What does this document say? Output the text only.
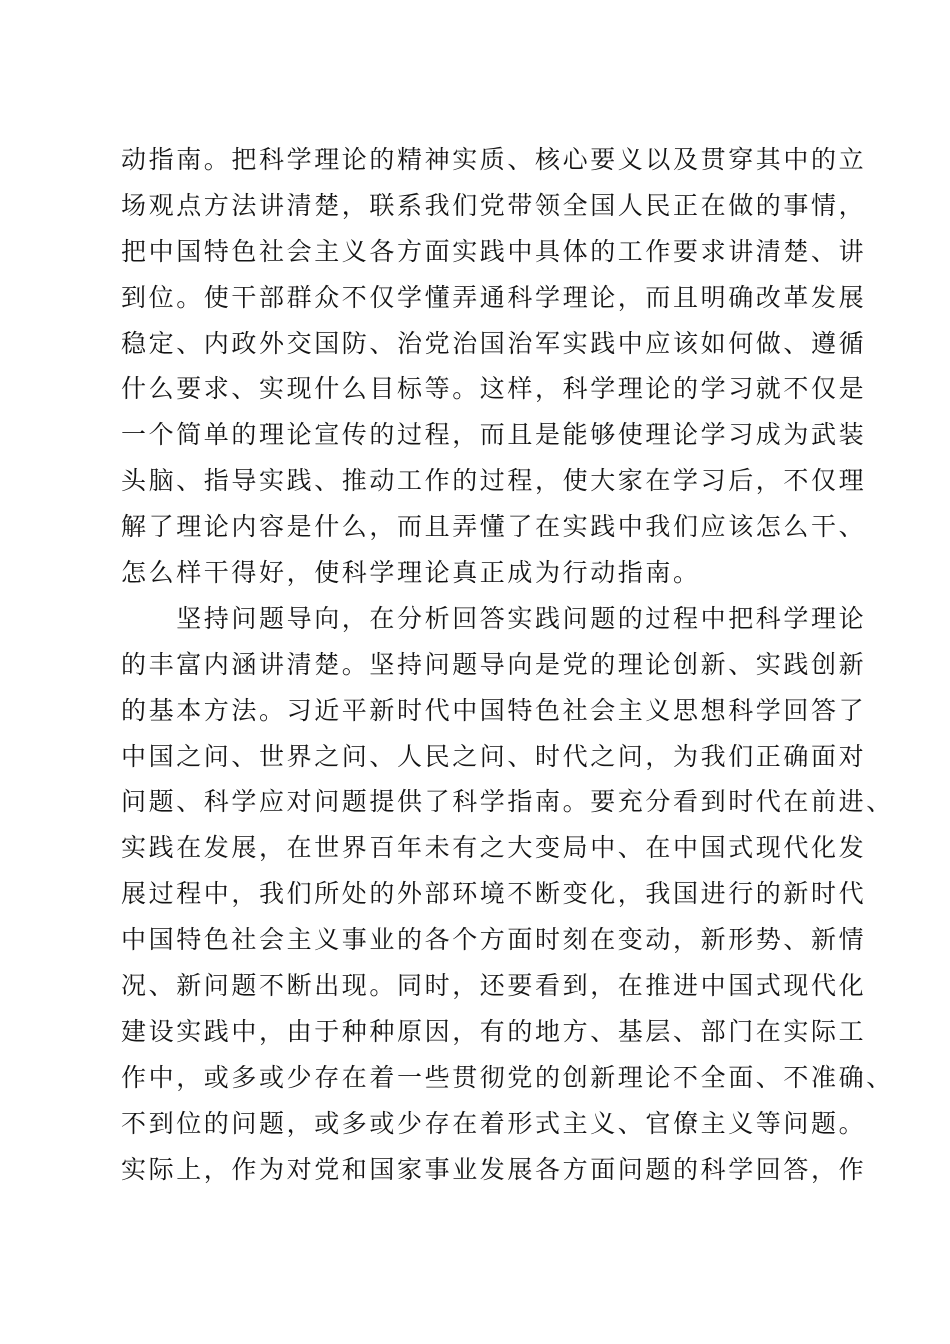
动指南。把科学理论的精神实质、核心要义以及贯穿其中的立
场观点方法讲清楚，联系我们党带领全国人民正在做的事情，
把中国特色社会主义各方面实践中具体的工作要求讲清楚、讲
到位。使干部群众不仅学懂弄通科学理论，而且明确改革发展
稳定、内政外交国防、治党治国治军实践中应该如何做、遵循
什么要求、实现什么目标等。这样，科学理论的学习就不仅是
一个简单的理论宣传的过程，而且是能够使理论学习成为武装
头脑、指导实践、推动工作的过程，使大家在学习后，不仅理
解了理论内容是什么，而且弄懂了在实践中我们应该怎么干、
怎么样干得好，使科学理论真正成为行动指南。
　　坚持问题导向，在分析回答实践问题的过程中把科学理论
的丰富内涵讲清楚。坚持问题导向是党的理论创新、实践创新
的基本方法。习近平新时代中国特色社会主义思想科学回答了
中国之问、世界之问、人民之问、时代之问，为我们正确面对
问题、科学应对问题提供了科学指南。要充分看到时代在前进、
实践在发展，在世界百年未有之大变局中、在中国式现代化发
展过程中，我们所处的外部环境不断变化，我国进行的新时代
中国特色社会主义事业的各个方面时刻在变动，新形势、新情
况、新问题不断出现。同时，还要看到，在推进中国式现代化
建设实践中，由于种种原因，有的地方、基层、部门在实际工
作中，或多或少存在着一些贯彻党的创新理论不全面、不准确、
不到位的问题，或多或少存在着形式主义、官僚主义等问题。
实际上，作为对党和国家事业发展各方面问题的科学回答，作
